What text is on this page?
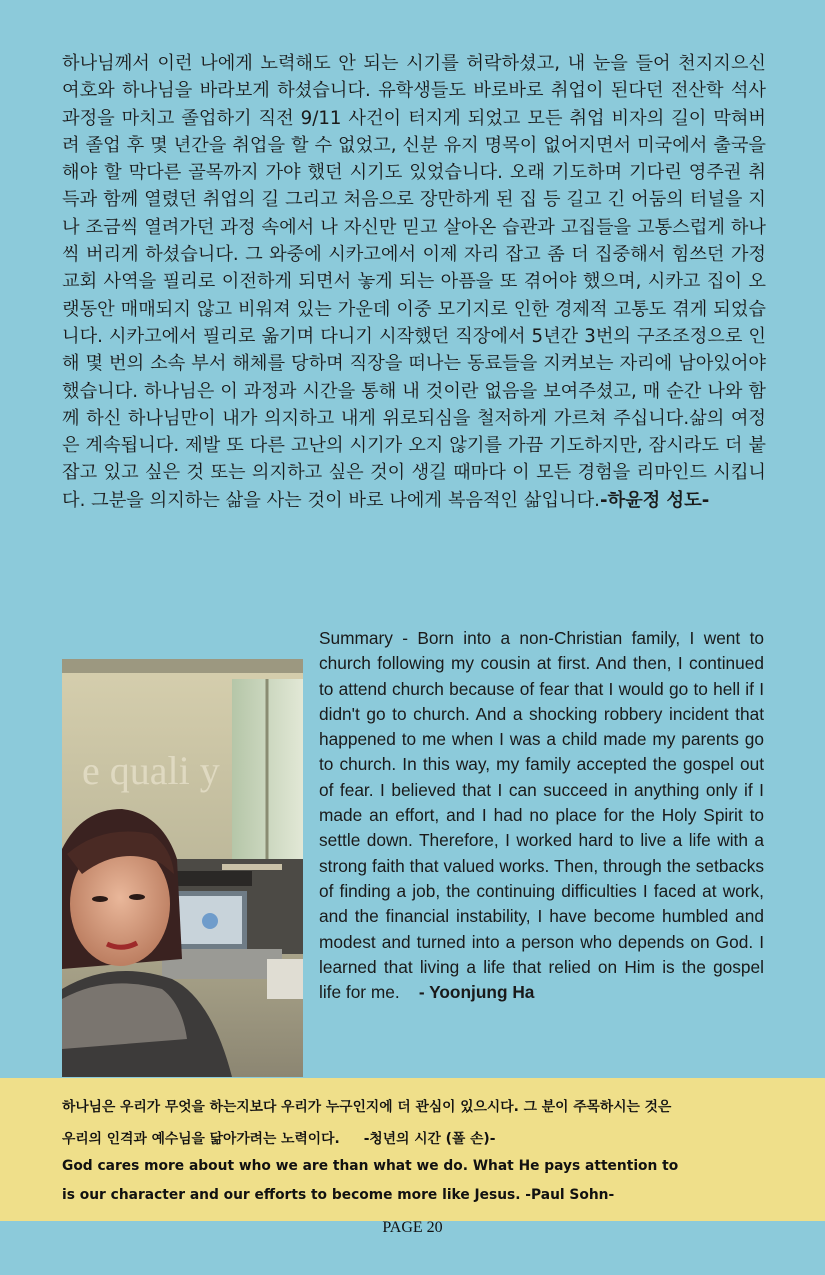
하나님께서 이런 나에게 노력해도 안 되는 시기를 허락하셨고, 내 눈을 들어 천지지으신 여호와 하나님을 바라보게 하셨습니다. 유학생들도 바로바로 취업이 된다던 전산학 석사과정을 마치고 졸업하기 직전 9/11 사건이 터지게 되었고 모든 취업 비자의 길이 막혀버려 졸업 후 몇 년간을 취업을 할 수 없었고, 신분 유지 명목이 없어지면서 미국에서 출국을 해야 할 막다른 골목까지 가야 했던 시기도 있었습니다. 오래 기도하며 기다린 영주권 취득과 함께 열렸던 취업의 길 그리고 처음으로 장만하게 된 집 등 길고 긴 어둠의 터널을 지나 조금씩 열려가던 과정 속에서 나 자신만 믿고 살아온 습관과 고집들을 고통스럽게 하나씩 버리게 하셨습니다. 그 와중에 시카고에서 이제 자리 잡고 좀 더 집중해서 힘쓰던 가정교회 사역을 필리로 이전하게 되면서 놓게 되는 아픔을 또 겪어야 했으며, 시카고 집이 오랫동안 매매되지 않고 비워져 있는 가운데 이중 모기지로 인한 경제적 고통도 겪게 되었습니다. 시카고에서 필리로 옮기며 다니기 시작했던 직장에서 5년간 3번의 구조조정으로 인해 몇 번의 소속 부서 해체를 당하며 직장을 떠나는 동료들을 지켜보는 자리에 남아있어야 했습니다. 하나님은 이 과정과 시간을 통해 내 것이란 없음을 보여주셨고, 매 순간 나와 함께 하신 하나님만이 내가 의지하고 내게 위로되심을 철저하게 가르쳐 주십니다.삶의 여정은 계속됩니다. 제발 또 다른 고난의 시기가 오지 않기를 가끔 기도하지만, 잠시라도 더 붙잡고 있고 싶은 것 또는 의지하고 싶은 것이 생길 때마다 이 모든 경험을 리마인드 시킵니다. 그분을 의지하는 삶을 사는 것이 바로 나에게 복음적인 삶입니다.-하윤정 성도-

e quali y

Summary - Born into a non-Christian family, I went to church following my cousin at first. And then, I continued to attend church because of fear that I would go to hell if I didn't go to church. And a shocking robbery incident that happened to me when I was a child made my parents go to church. In this way, my family accepted the gospel out of fear. I believed that I can succeed in anything only if I made an effort, and I had no place for the Holy Spirit to settle down. Therefore, I worked hard to live a life with a strong faith that valued works. Then, through the setbacks of finding a job, the continuing difficulties I faced at work, and the financial instability, I have become humbled and modest and turned into a person who depends on God. I learned that living a life that relied on Him is the gospel life for me. - Yoonjung Ha

하나님은 우리가 무엇을 하는지보다 우리가 누구인지에 더 관심이 있으시다. 그 분이 주목하시는 것은

우리의 인격과 예수님을 닮아가려는 노력이다.     -청년의 시간 (폴 손)-

God cares more about who we are than what we do. What He pays attention to

is our character and our efforts to become more like Jesus. -Paul Sohn-

PAGE 20
